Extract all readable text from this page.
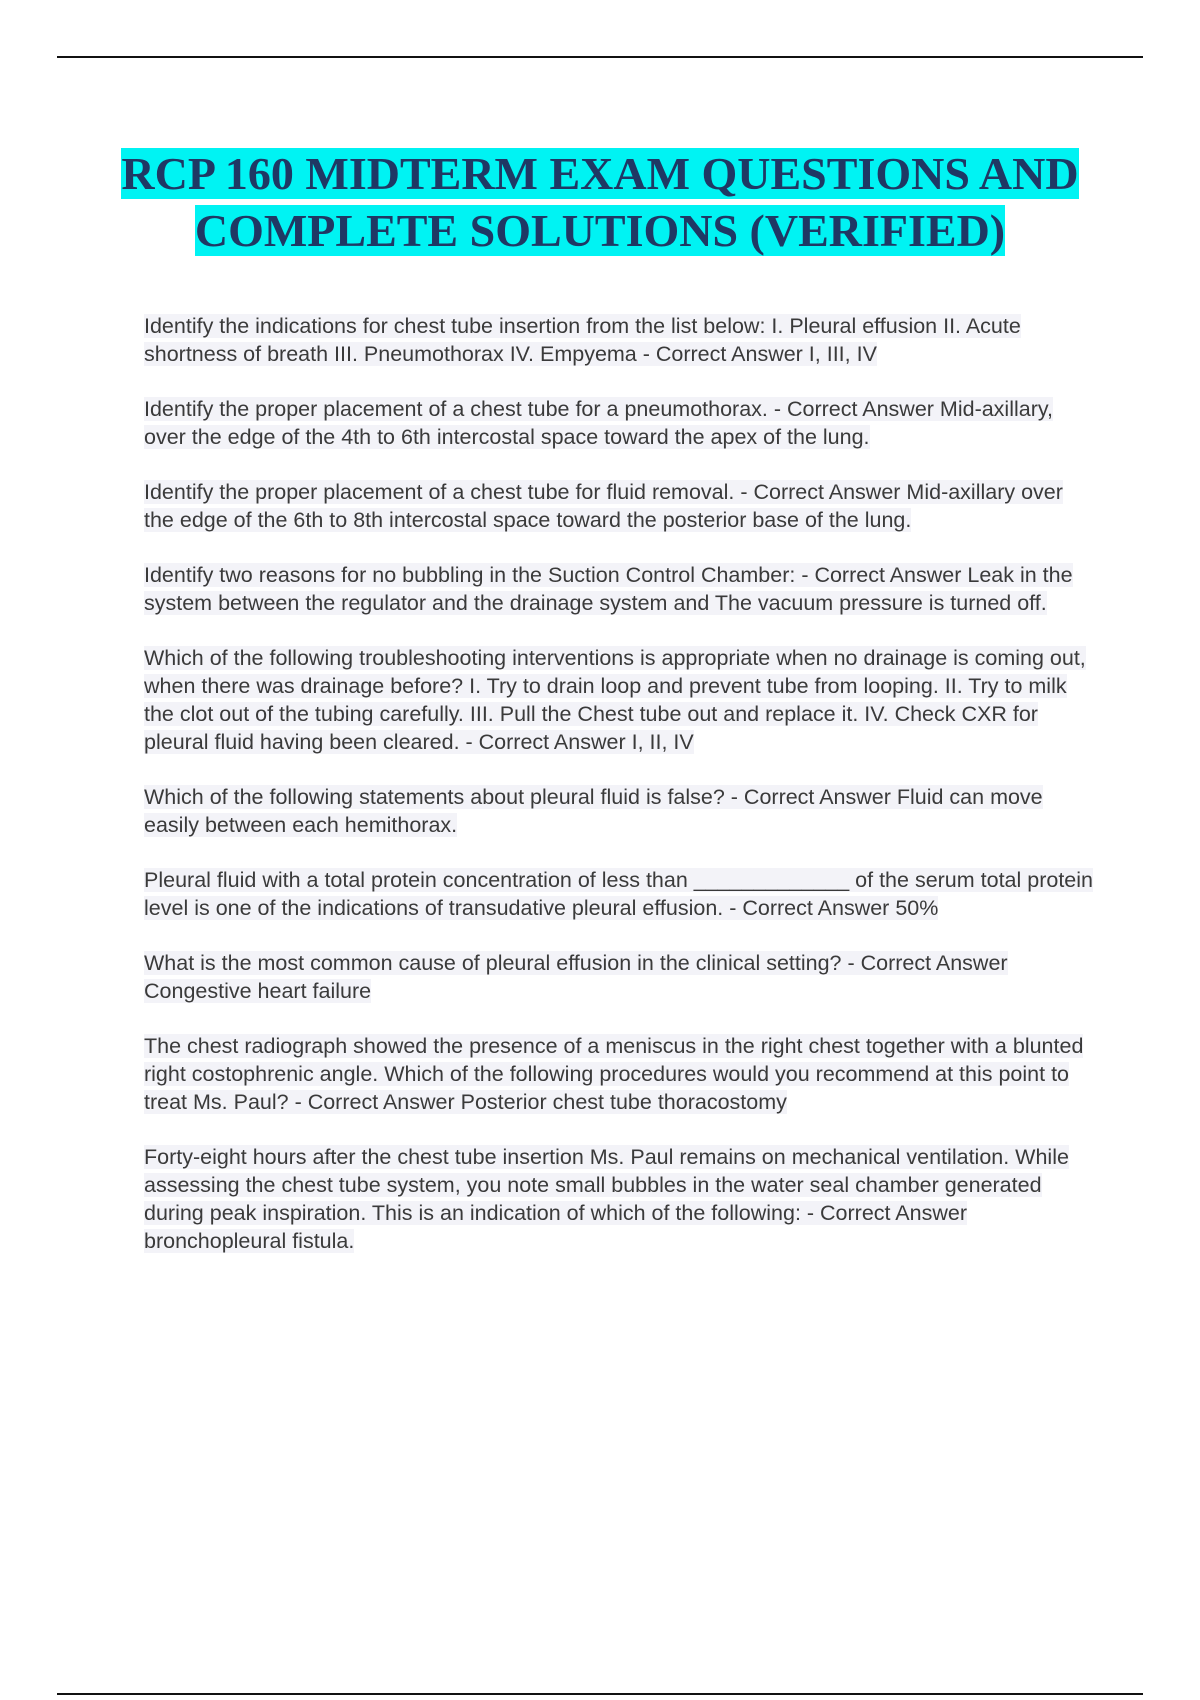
RCP 160 MIDTERM EXAM QUESTIONS AND COMPLETE SOLUTIONS (VERIFIED)
Identify the indications for chest tube insertion from the list below: I. Pleural effusion II. Acute shortness of breath III. Pneumothorax IV. Empyema - Correct Answer I, III, IV
Identify the proper placement of a chest tube for a pneumothorax. - Correct Answer Mid-axillary, over the edge of the 4th to 6th intercostal space toward the apex of the lung.
Identify the proper placement of a chest tube for fluid removal. - Correct Answer Mid-axillary over the edge of the 6th to 8th intercostal space toward the posterior base of the lung.
Identify two reasons for no bubbling in the Suction Control Chamber: - Correct Answer Leak in the system between the regulator and the drainage system and The vacuum pressure is turned off.
Which of the following troubleshooting interventions is appropriate when no drainage is coming out, when there was drainage before? I. Try to drain loop and prevent tube from looping. II. Try to milk the clot out of the tubing carefully. III. Pull the Chest tube out and replace it. IV. Check CXR for pleural fluid having been cleared. - Correct Answer I, II, IV
Which of the following statements about pleural fluid is false? - Correct Answer Fluid can move easily between each hemithorax.
Pleural fluid with a total protein concentration of less than _____________ of the serum total protein level is one of the indications of transudative pleural effusion. - Correct Answer 50%
What is the most common cause of pleural effusion in the clinical setting? - Correct Answer Congestive heart failure
The chest radiograph showed the presence of a meniscus in the right chest together with a blunted right costophrenic angle. Which of the following procedures would you recommend at this point to treat Ms. Paul? - Correct Answer Posterior chest tube thoracostomy
Forty-eight hours after the chest tube insertion Ms. Paul remains on mechanical ventilation. While assessing the chest tube system, you note small bubbles in the water seal chamber generated during peak inspiration. This is an indication of which of the following: - Correct Answer bronchopleural fistula.
